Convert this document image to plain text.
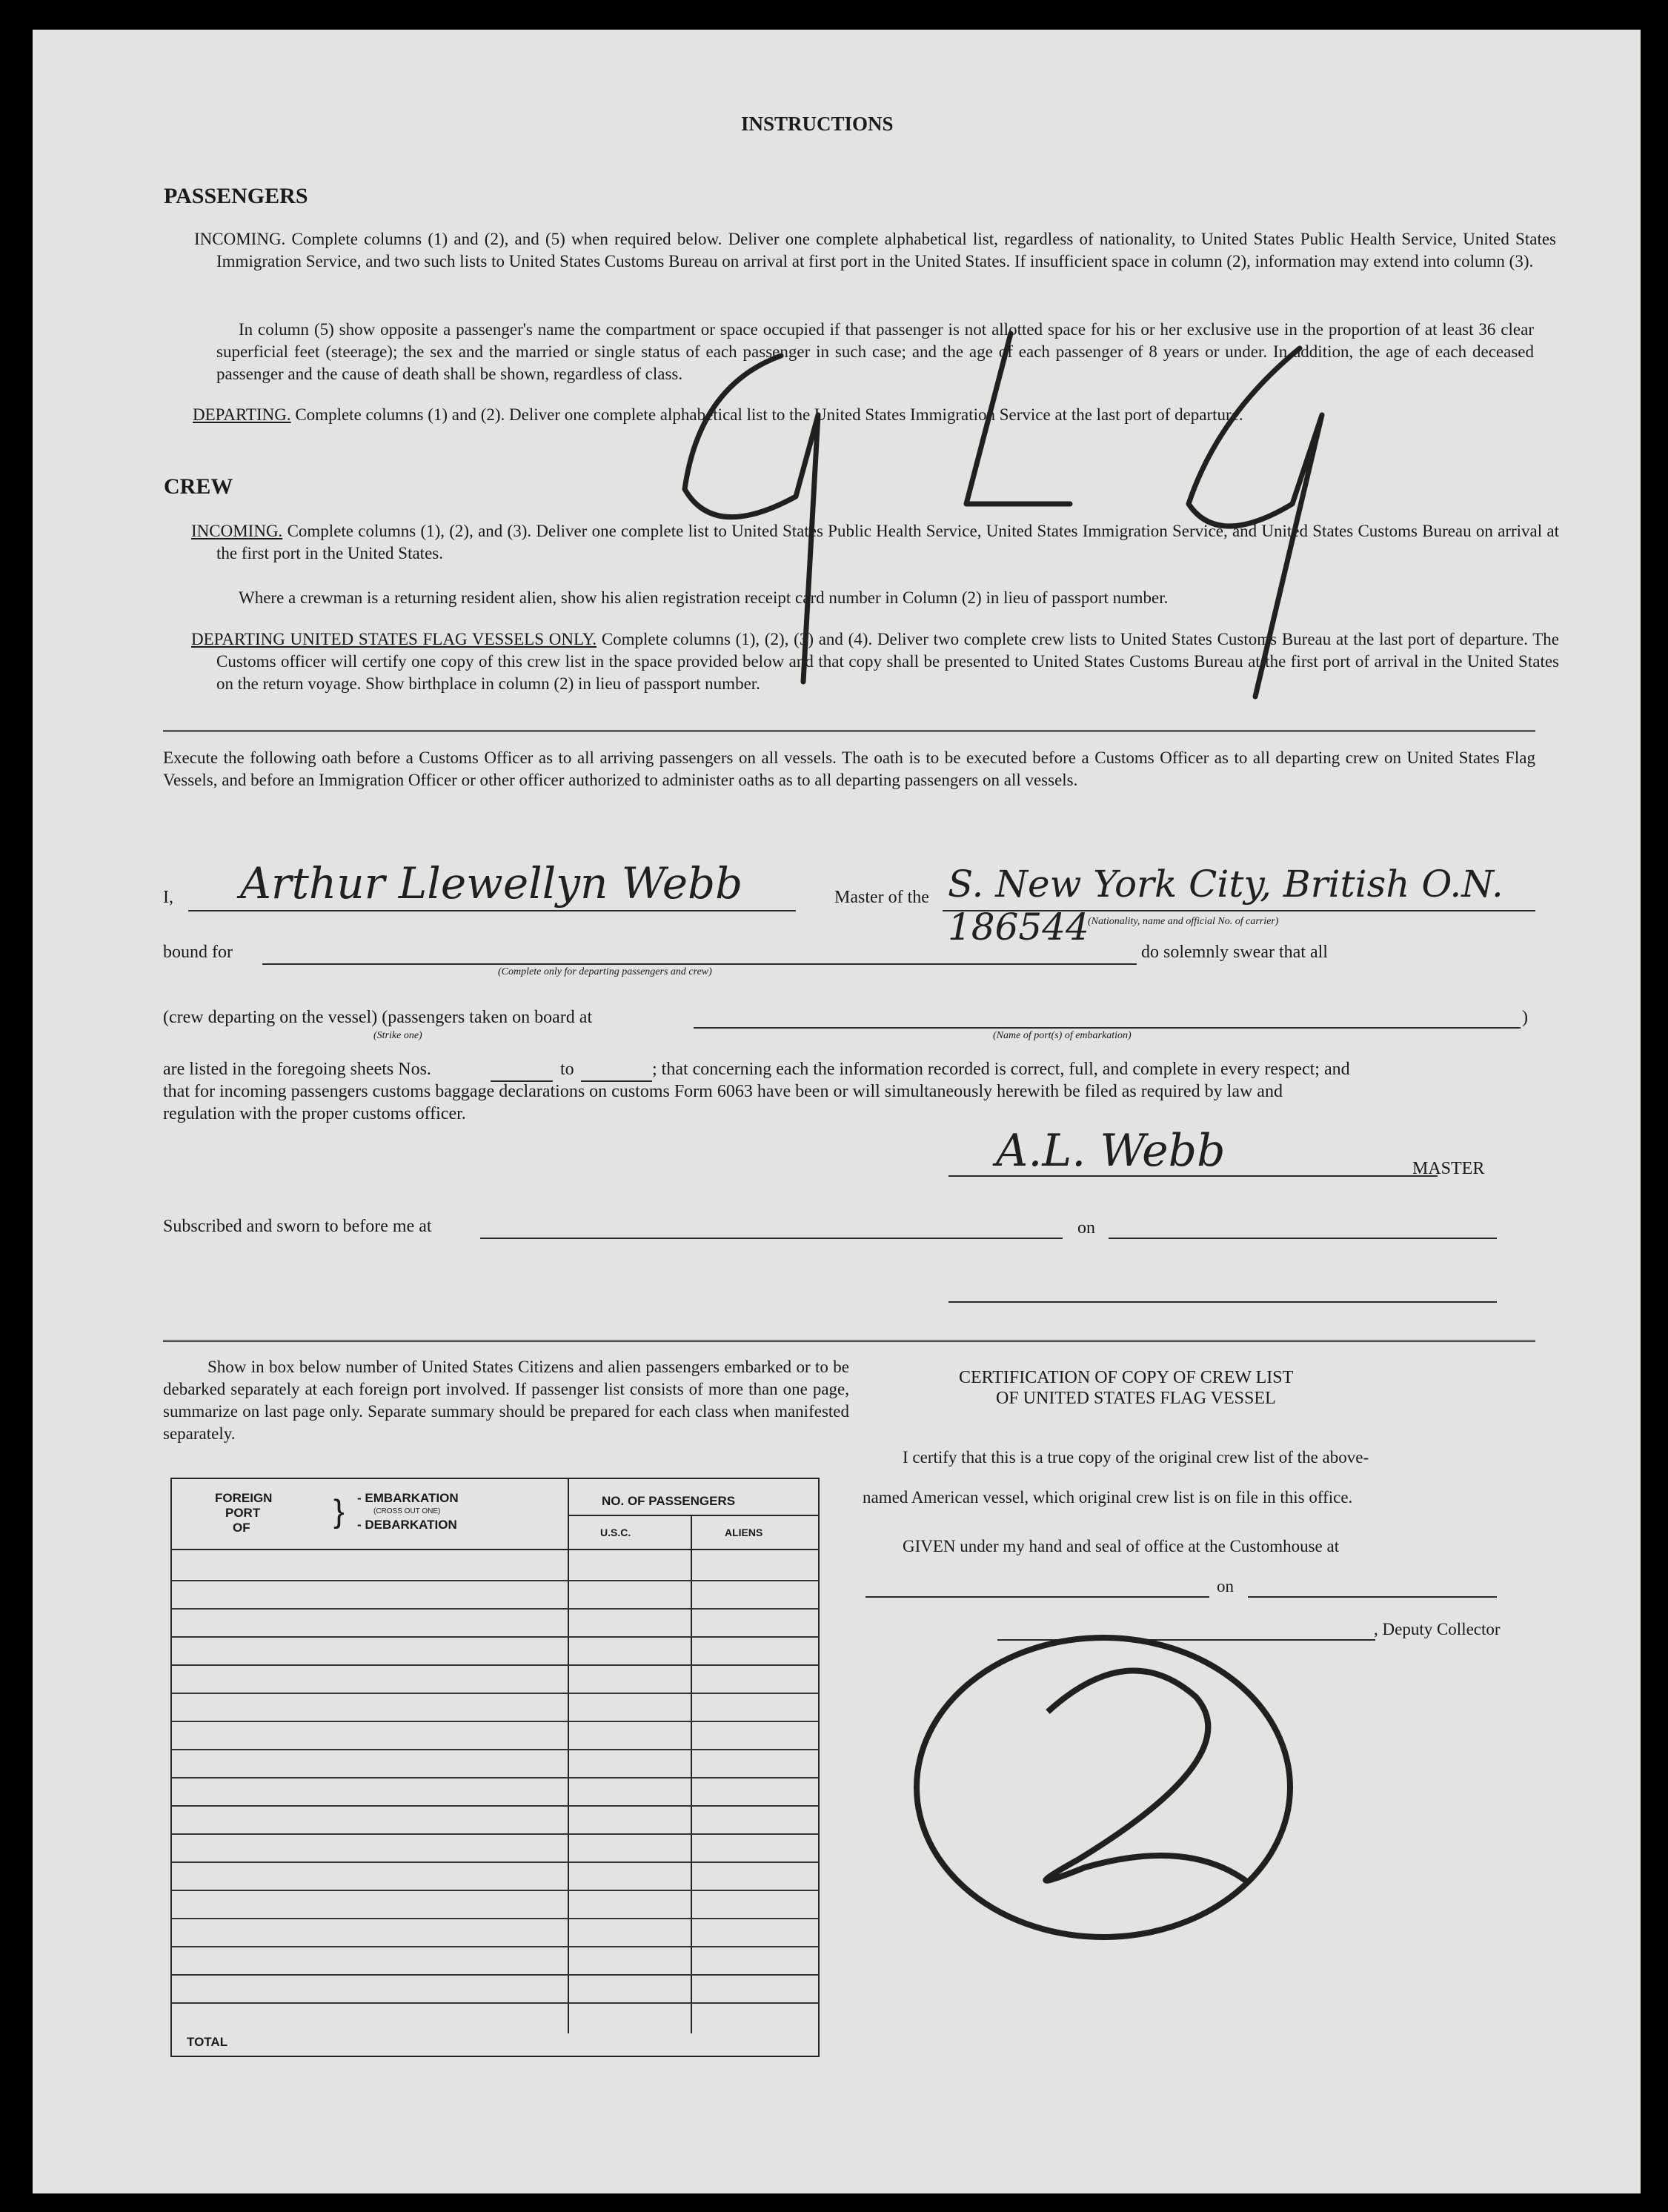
INSTRUCTIONS
PASSENGERS
INCOMING. Complete columns (1) and (2), and (5) when required below. Deliver one complete alphabetical list, regardless of nationality, to United States Public Health Service, United States Immigration Service, and two such lists to United States Customs Bureau on arrival at first port in the United States. If insufficient space in column (2), information may extend into column (3).
In column (5) show opposite a passenger's name the compartment or space occupied if that passenger is not allotted space for his or her exclusive use in the proportion of at least 36 clear superficial feet (steerage); the sex and the married or single status of each passenger in such case; and the age of each passenger of 8 years or under. In addition, the age of each deceased passenger and the cause of death shall be shown, regardless of class.
DEPARTING. Complete columns (1) and (2). Deliver one complete alphabetical list to the United States Immigration Service at the last port of departure.
CREW
INCOMING. Complete columns (1), (2), and (3). Deliver one complete list to United States Public Health Service, United States Immigration Service, and United States Customs Bureau on arrival at the first port in the United States.
Where a crewman is a returning resident alien, show his alien registration receipt card number in Column (2) in lieu of passport number.
DEPARTING UNITED STATES FLAG VESSELS ONLY. Complete columns (1), (2), (3) and (4). Deliver two complete crew lists to United States Customs Bureau at the last port of departure. The Customs officer will certify one copy of this crew list in the space provided below and that copy shall be presented to United States Customs Bureau at the first port of arrival in the United States on the return voyage. Show birthplace in column (2) in lieu of passport number.
Execute the following oath before a Customs Officer as to all arriving passengers on all vessels. The oath is to be executed before a Customs Officer as to all departing crew on United States Flag Vessels, and before an Immigration Officer or other officer authorized to administer oaths as to all departing passengers on all vessels.
I, Arthur Llewellyn Webb	Master of the S. New York City, British O.N. 186544
(Nationality, name and official No. of carrier)
bound for
(Complete only for departing passengers and crew)
do solemnly swear that all
(crew departing on the vessel) (passengers taken on board at
(Strike one)	(Name of port(s) of embarkation)
)
are listed in the foregoing sheets Nos.	to	; that concerning each the information recorded is correct, full, and complete in every respect; and
that for incoming passengers customs baggage declarations on customs Form 6063 have been or will simultaneously herewith be filed as required by law and
regulation with the proper customs officer.
A.L. Webb	MASTER
Subscribed and sworn to before me at	on
Show in box below number of United States Citizens and alien passengers embarked or to be debarked separately at each foreign port involved. If passenger list consists of more than one page, summarize on last page only. Separate summary should be prepared for each class when manifested separately.
FOREIGN
PORT
OF	} - EMBARKATION
(CROSS OUT ONE)
- DEBARKATION
NO. OF PASSENGERS
U.S.C.	ALIENS
TOTAL
CERTIFICATION OF COPY OF CREW LIST
OF UNITED STATES FLAG VESSEL
I certify that this is a true copy of the original crew list of the above-
named American vessel, which original crew list is on file in this office.
GIVEN under my hand and seal of office at the Customhouse at
on
, Deputy Collector
